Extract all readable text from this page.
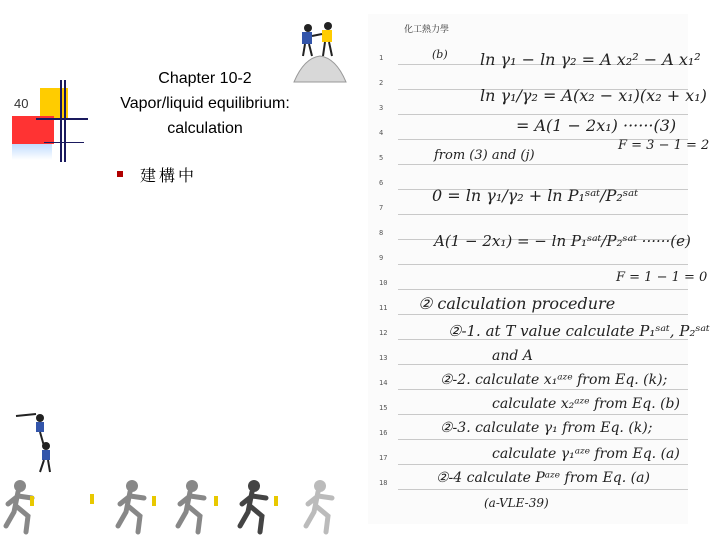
40
Chapter 10-2
Vapor/liquid equilibrium:
calculation
建構中
化工熱力學
1
2
3
4
5
6
7
8
9
10
11
12
13
14
15
16
17
18
(b) ln γ₁ − ln γ₂ = A x₂² − A x₁²
ln γ₁/γ₂ = A(x₂ − x₁)(x₂ + x₁)
= A(1 − 2x₁) ······(3)
from (3) and (j)
F = 3 − 1 = 2
0 = ln γ₁/γ₂ + ln P₁ˢᵃᵗ/P₂ˢᵃᵗ
A(1 − 2x₁) = − ln P₁ˢᵃᵗ/P₂ˢᵃᵗ ······(e)
F = 1 − 1 = 0
② calculation procedure
②-1. at T value calculate P₁ˢᵃᵗ, P₂ˢᵃᵗ
and A
②-2. calculate x₁ᵃᶻᵉ from Eq. (k);
calculate x₂ᵃᶻᵉ from Eq. (b)
②-3. calculate γ₁ from Eq. (k);
calculate γ₁ᵃᶻᵉ from Eq. (a)
②-4 calculate Pᵃᶻᵉ from Eq. (a)
(a-VLE-39)
